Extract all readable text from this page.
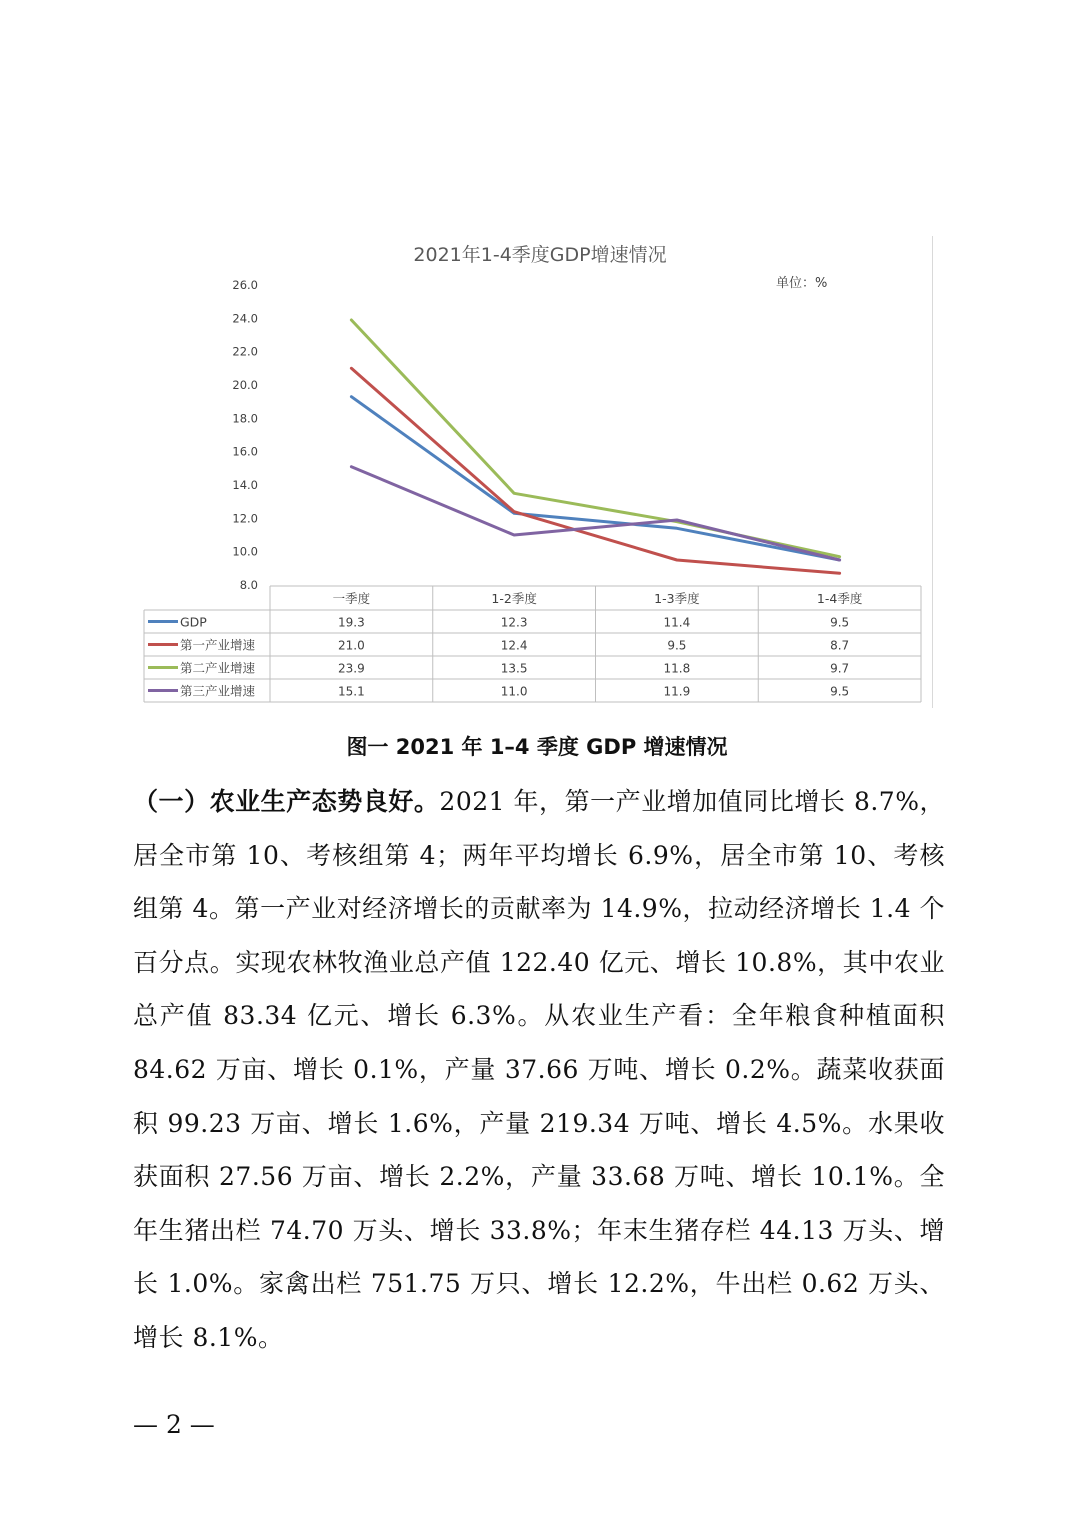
2021年1-4季度GDP增速情况
单位：%
8.0
10.0
12.0
14.0
16.0
18.0
20.0
22.0
24.0
26.0
一季度	1-2季度	1-3季度	1-4季度
GDP	19.3	12.3	11.4	9.5
第一产业增速	21.0	12.4	9.5	8.7
第二产业增速	23.9	13.5	11.8	9.7
第三产业增速	15.1	11.0	11.9	9.5
图一 2021 年 1–4 季度 GDP 增速情况

（一）农业生产态势良好。2021 年，第一产业增加值同比增长 8.7%，居全市第 10、考核组第 4；两年平均增长 6.9%，居全市第 10、考核组第 4。第一产业对经济增长的贡献率为 14.9%，拉动经济增长 1.4 个百分点。实现农林牧渔业总产值 122.40 亿元、增长 10.8%，其中农业总产值 83.34 亿元、增长 6.3%。从农业生产看：全年粮食种植面积 84.62 万亩、增长 0.1%，产量 37.66 万吨、增长 0.2%。蔬菜收获面积 99.23 万亩、增长 1.6%，产量 219.34 万吨、增长 4.5%。水果收获面积 27.56 万亩、增长 2.2%，产量 33.68 万吨、增长 10.1%。全年生猪出栏 74.70 万头、增长 33.8%；年末生猪存栏 44.13 万头、增长 1.0%。家禽出栏 751.75 万只、增长 12.2%，牛出栏 0.62 万头、增长 8.1%。

— 2 —
